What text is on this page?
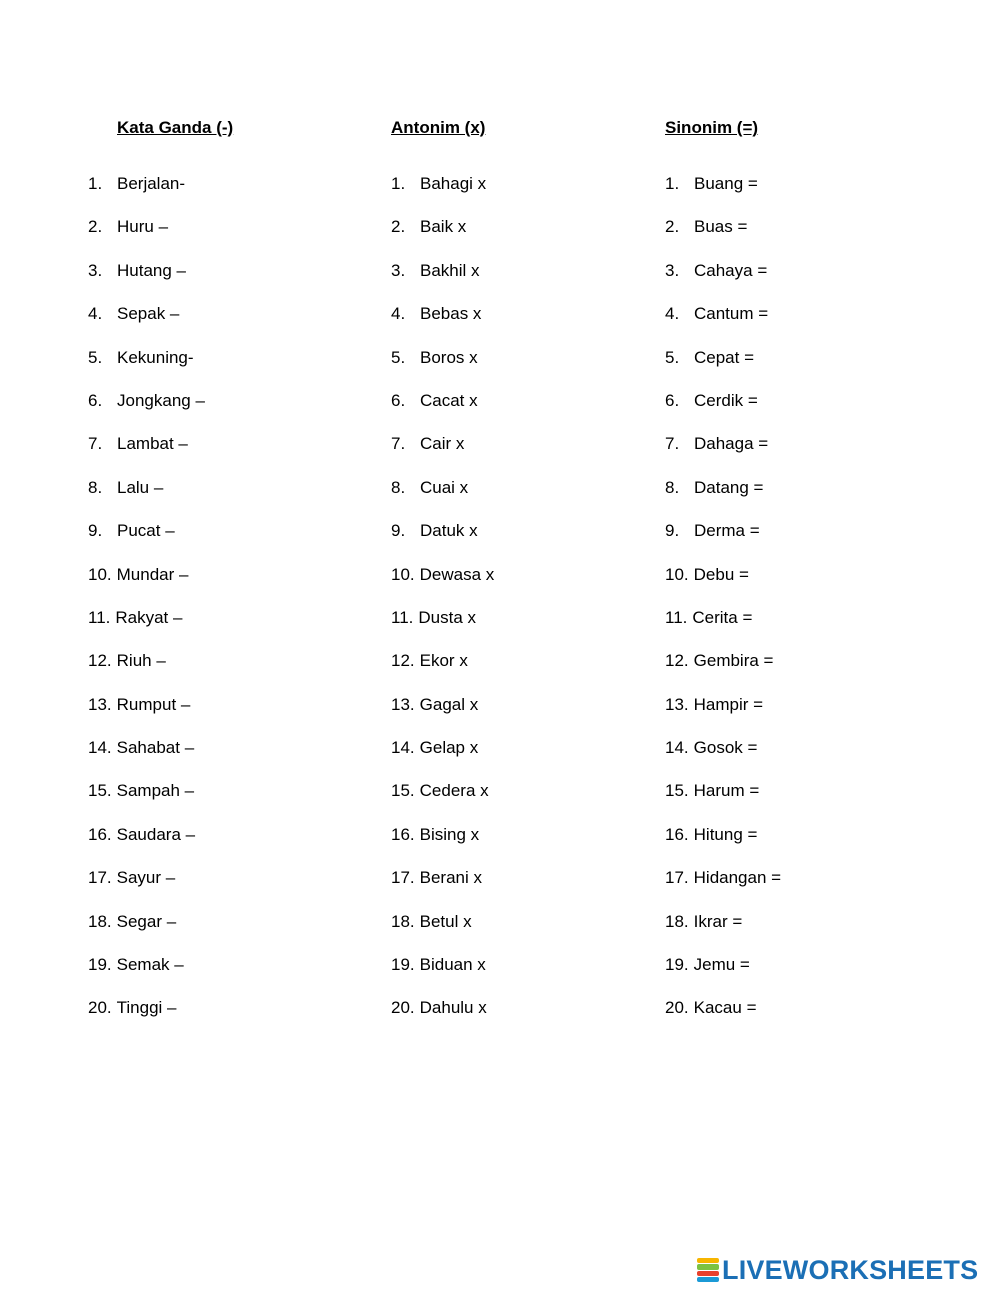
Kata Ganda (-)
1. Berjalan-
2. Huru –
3. Hutang –
4. Sepak –
5. Kekuning-
6. Jongkang –
7. Lambat –
8. Lalu –
9. Pucat –
10. Mundar –
11. Rakyat –
12. Riuh –
13. Rumput –
14. Sahabat –
15. Sampah –
16. Saudara –
17. Sayur –
18. Segar –
19. Semak –
20. Tinggi –
Antonim (x)
1. Bahagi x
2. Baik x
3. Bakhil x
4. Bebas x
5. Boros x
6. Cacat x
7. Cair x
8. Cuai x
9. Datuk x
10. Dewasa x
11. Dusta x
12. Ekor x
13. Gagal x
14. Gelap x
15. Cedera x
16. Bising x
17. Berani x
18. Betul x
19. Biduan x
20. Dahulu x
Sinonim (=)
1. Buang =
2. Buas =
3. Cahaya =
4. Cantum =
5. Cepat =
6. Cerdik =
7. Dahaga =
8. Datang =
9. Derma =
10. Debu =
11. Cerita =
12. Gembira =
13. Hampir =
14. Gosok =
15. Harum =
16. Hitung =
17. Hidangan =
18. Ikrar =
19. Jemu =
20. Kacau =
LIVEWORKSHEETS
